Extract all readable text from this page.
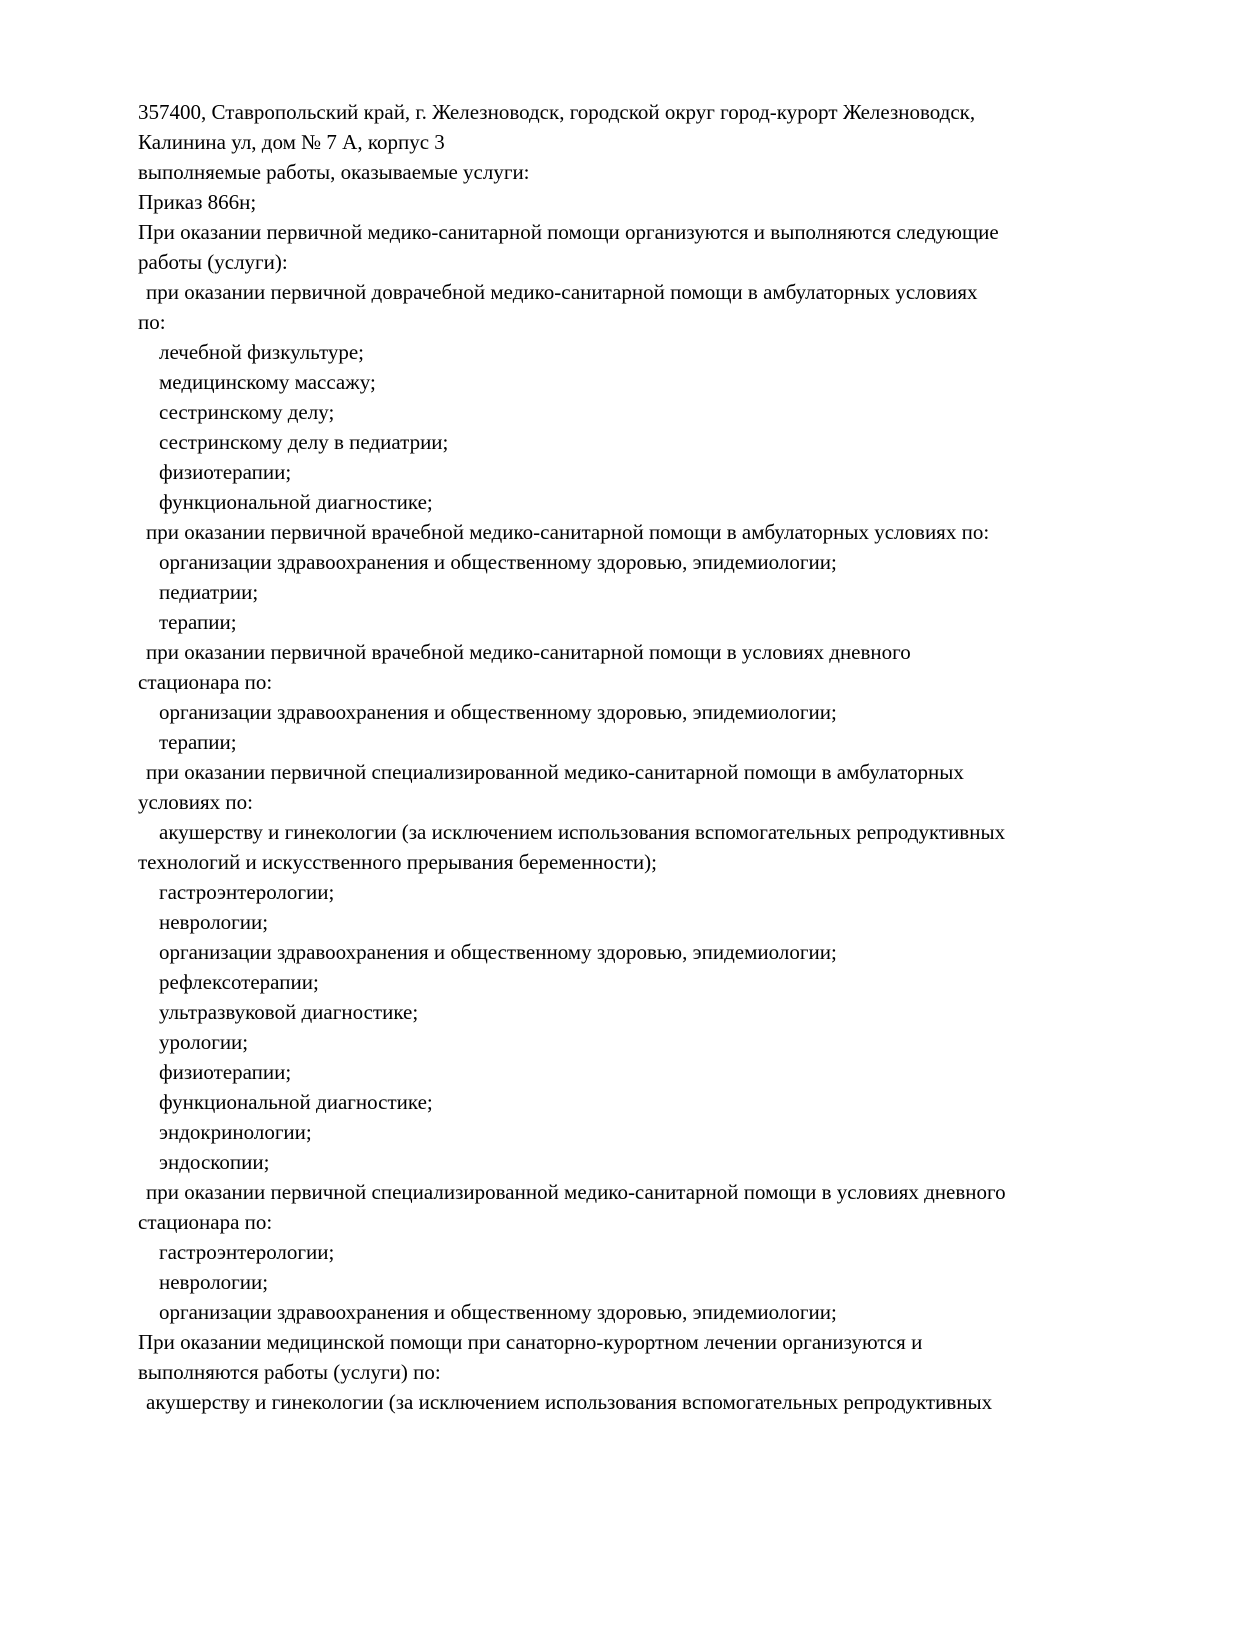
357400, Ставропольский край, г. Железноводск, городской округ город-курорт Железноводск,
Калинина ул, дом № 7 А, корпус 3
выполняемые работы, оказываемые услуги:
Приказ 866н;
При оказании первичной медико-санитарной помощи организуются и выполняются следующие
работы (услуги):
при оказании первичной доврачебной медико-санитарной помощи в амбулаторных условиях
по:
лечебной физкультуре;
медицинскому массажу;
сестринскому делу;
сестринскому делу в педиатрии;
физиотерапии;
функциональной диагностике;
при оказании первичной врачебной медико-санитарной помощи в амбулаторных условиях по:
организации здравоохранения и общественному здоровью, эпидемиологии;
педиатрии;
терапии;
при оказании первичной врачебной медико-санитарной помощи в условиях дневного
стационара по:
организации здравоохранения и общественному здоровью, эпидемиологии;
терапии;
при оказании первичной специализированной медико-санитарной помощи в амбулаторных
условиях по:
акушерству и гинекологии (за исключением использования вспомогательных репродуктивных
технологий и искусственного прерывания беременности);
гастроэнтерологии;
неврологии;
организации здравоохранения и общественному здоровью, эпидемиологии;
рефлексотерапии;
ультразвуковой диагностике;
урологии;
физиотерапии;
функциональной диагностике;
эндокринологии;
эндоскопии;
при оказании первичной специализированной медико-санитарной помощи в условиях дневного
стационара по:
гастроэнтерологии;
неврологии;
организации здравоохранения и общественному здоровью, эпидемиологии;
При оказании медицинской помощи при санаторно-курортном лечении организуются и
выполняются работы (услуги) по:
акушерству и гинекологии (за исключением использования вспомогательных репродуктивных
